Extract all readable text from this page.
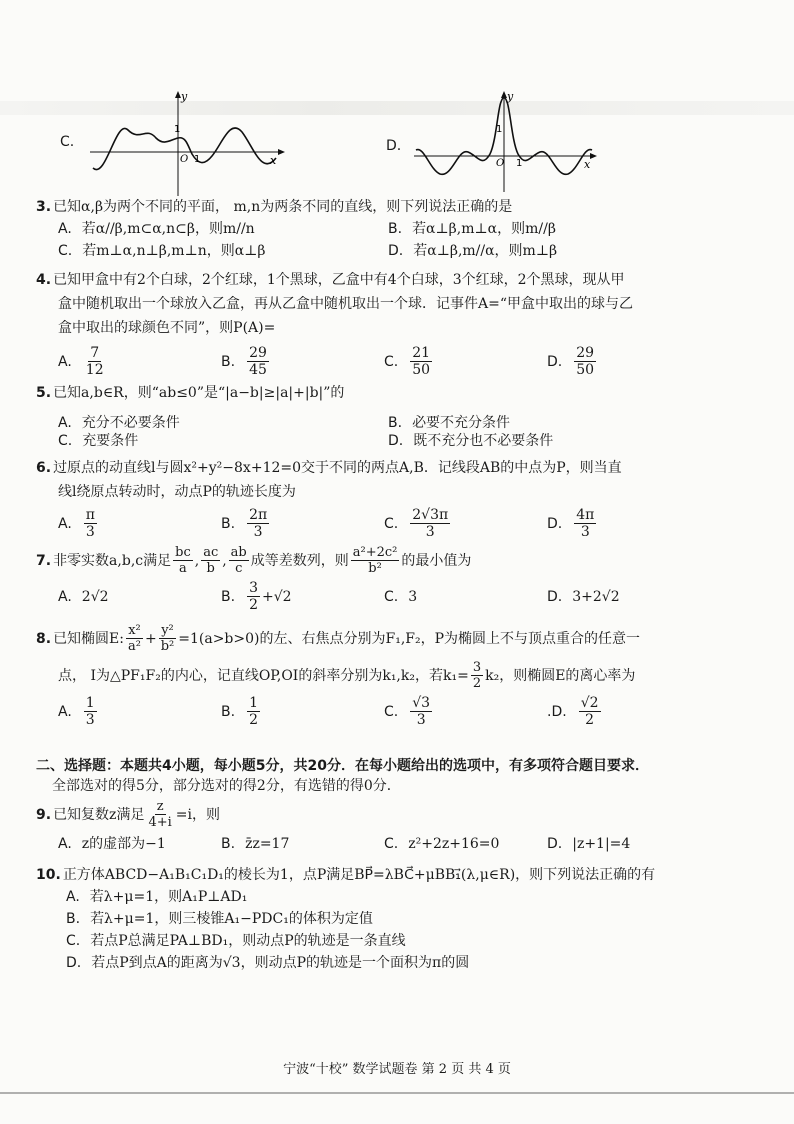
C.
y
x
1
O 1
D.
y
x
1
O 1
3. 已知α,β为两个不同的平面， m,n为两条不同的直线，则下列说法正确的是
A. 若α//β,m⊂α,n⊂β，则m//n	B. 若α⊥β,m⊥α，则m//β
C. 若m⊥α,n⊥β,m⊥n，则α⊥β	D. 若α⊥β,m//α，则m⊥β
4. 已知甲盒中有2个白球，2个红球，1个黑球，乙盒中有4个白球，3个红球，2个黑球，现从甲
盒中随机取出一个球放入乙盒，再从乙盒中随机取出一个球．记事件A=“甲盒中取出的球与乙
盒中取出的球颜色不同”，则P(A)=
A. $\frac{7}{12}$	B. $\frac{29}{45}$	C. $\frac{21}{50}$	D. $\frac{29}{50}$
5. 已知a,b∈R，则“ab≤0”是“|a−b|≥|a|+|b|”的
A. 充分不必要条件	B. 必要不充分条件
C. 充要条件	D. 既不充分也不必要条件
6. 过原点的动直线l与圆x²+y²−8x+12=0交于不同的两点A,B．记线段AB的中点为P，则当直
线l绕原点转动时，动点P的轨迹长度为
A. $\frac{\pi}{3}$	B. $\frac{2\pi}{3}$	C. $\frac{2√3\pi}{3}$	D. $\frac{4\pi}{3}$
7. 非零实数a,b,c满足 $\frac{bc}{a}$ , $\frac{ac}{b}$ , $\frac{ab}{c}$ 成等差数列，则 $\frac{\text{a²+2c²}}{\text{b²}}$ 的最小值为
A. 2√2	B. $\frac{3}{2} +√2$	C. 3	D. 3+2√2
8. 已知椭圆E: $\frac{\text{x²}}{\text{a²}} + \frac{\text{y²}}{\text{b²}} =1(a>b>0)$的左、右焦点分别为F₁,F₂，P为椭圆上不与顶点重合的任意一
点， I为△PF₁F₂的内心，记直线OP,OI的斜率分别为k₁,k₂，若$k_1= \frac{3}{2} k_2$，则椭圆E的离心率为
A. $\frac{1}{3}$	B. $\frac{1}{2}$	C. $\frac{√3}{3}$	.D. $\frac{√2}{2}$
二、选择题：本题共4小题，每小题5分，共20分．在每小题给出的选项中，有多项符合题目要求．
全部选对的得5分，部分选对的得2分，有选错的得0分．
9. 已知复数z满足 $\frac{z}{4+i} =i$，则
A. z的虚部为−1	B. z̄z=17	C. z²+2z+16=0	D. |z+1|=4
10. 正方体ABCD−A₁B₁C₁D₁的棱长为1，点P满足BP⃗=λBC⃗+μBB₁⃗(λ,μ∈R)，则下列说法正确的有
A. 若λ+μ=1，则A₁P⊥AD₁
B. 若λ+μ=1，则三棱锥A₁−PDC₁的体积为定值
C. 若点P总满足PA⊥BD₁，则动点P的轨迹是一条直线
D. 若点P到点A的距离为√3，则动点P的轨迹是一个面积为π的圆
宁波“十校” 数学试题卷 第 2 页 共 4 页
